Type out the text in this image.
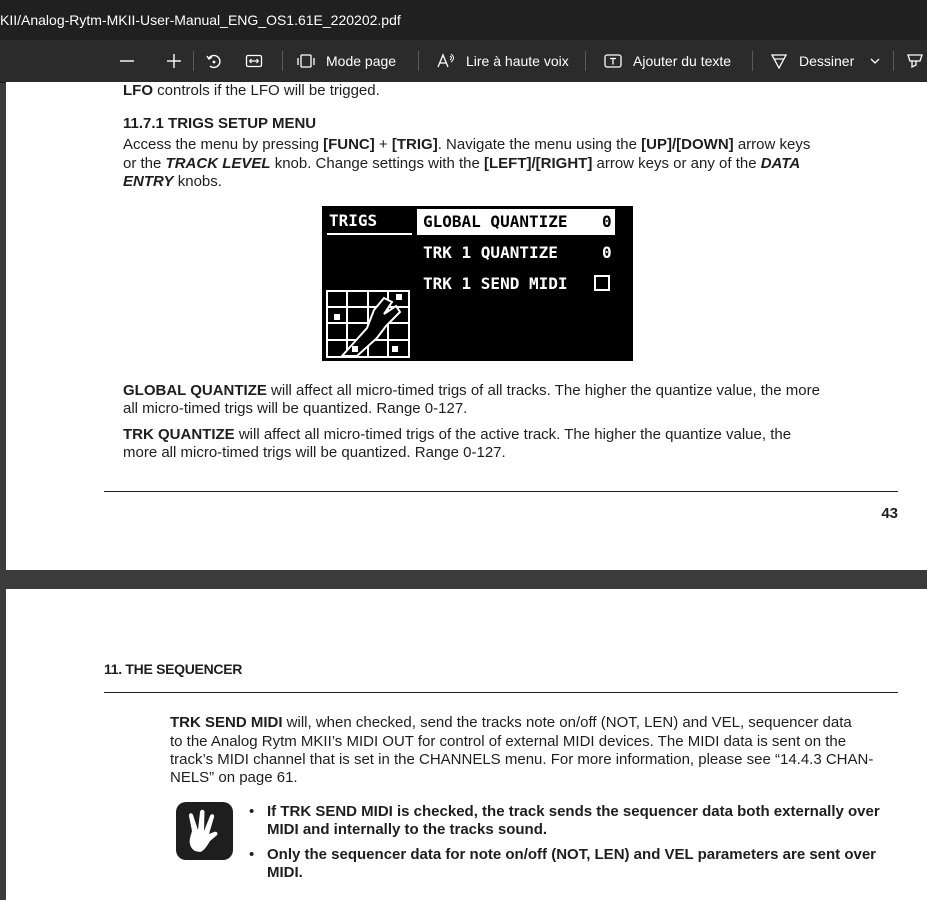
KII/Analog-Rytm-MKII-User-Manual_ENG_OS1.61E_220202.pdf
Mode page	Lire à haute voix	Ajouter du texte	Dessiner
LFO controls if the LFO will be trigged.
11.7.1 TRIGS SETUP MENU
Access the menu by pressing [FUNC] + [TRIG]. Navigate the menu using the [UP]/[DOWN] arrow keys
or the TRACK LEVEL knob. Change settings with the [LEFT]/[RIGHT] arrow keys or any of the DATA
ENTRY knobs.
TRIGS	GLOBAL QUANTIZE 0
TRK 1 QUANTIZE	0
TRK 1 SEND MIDI
GLOBAL QUANTIZE will affect all micro-timed trigs of all tracks. The higher the quantize value, the more
all micro-timed trigs will be quantized. Range 0-127.
TRK QUANTIZE will affect all micro-timed trigs of the active track. The higher the quantize value, the
more all micro-timed trigs will be quantized. Range 0-127.
43
11. THE SEQUENCER
TRK SEND MIDI will, when checked, send the tracks note on/off (NOT, LEN) and VEL, sequencer data
to the Analog Rytm MKII’s MIDI OUT for control of external MIDI devices. The MIDI data is sent on the
track’s MIDI channel that is set in the CHANNELS menu. For more information, please see “14.4.3 CHAN-
NELS” on page 61.
• If TRK SEND MIDI is checked, the track sends the sequencer data both externally over
MIDI and internally to the tracks sound.
• Only the sequencer data for note on/off (NOT, LEN) and VEL parameters are sent over
MIDI.
